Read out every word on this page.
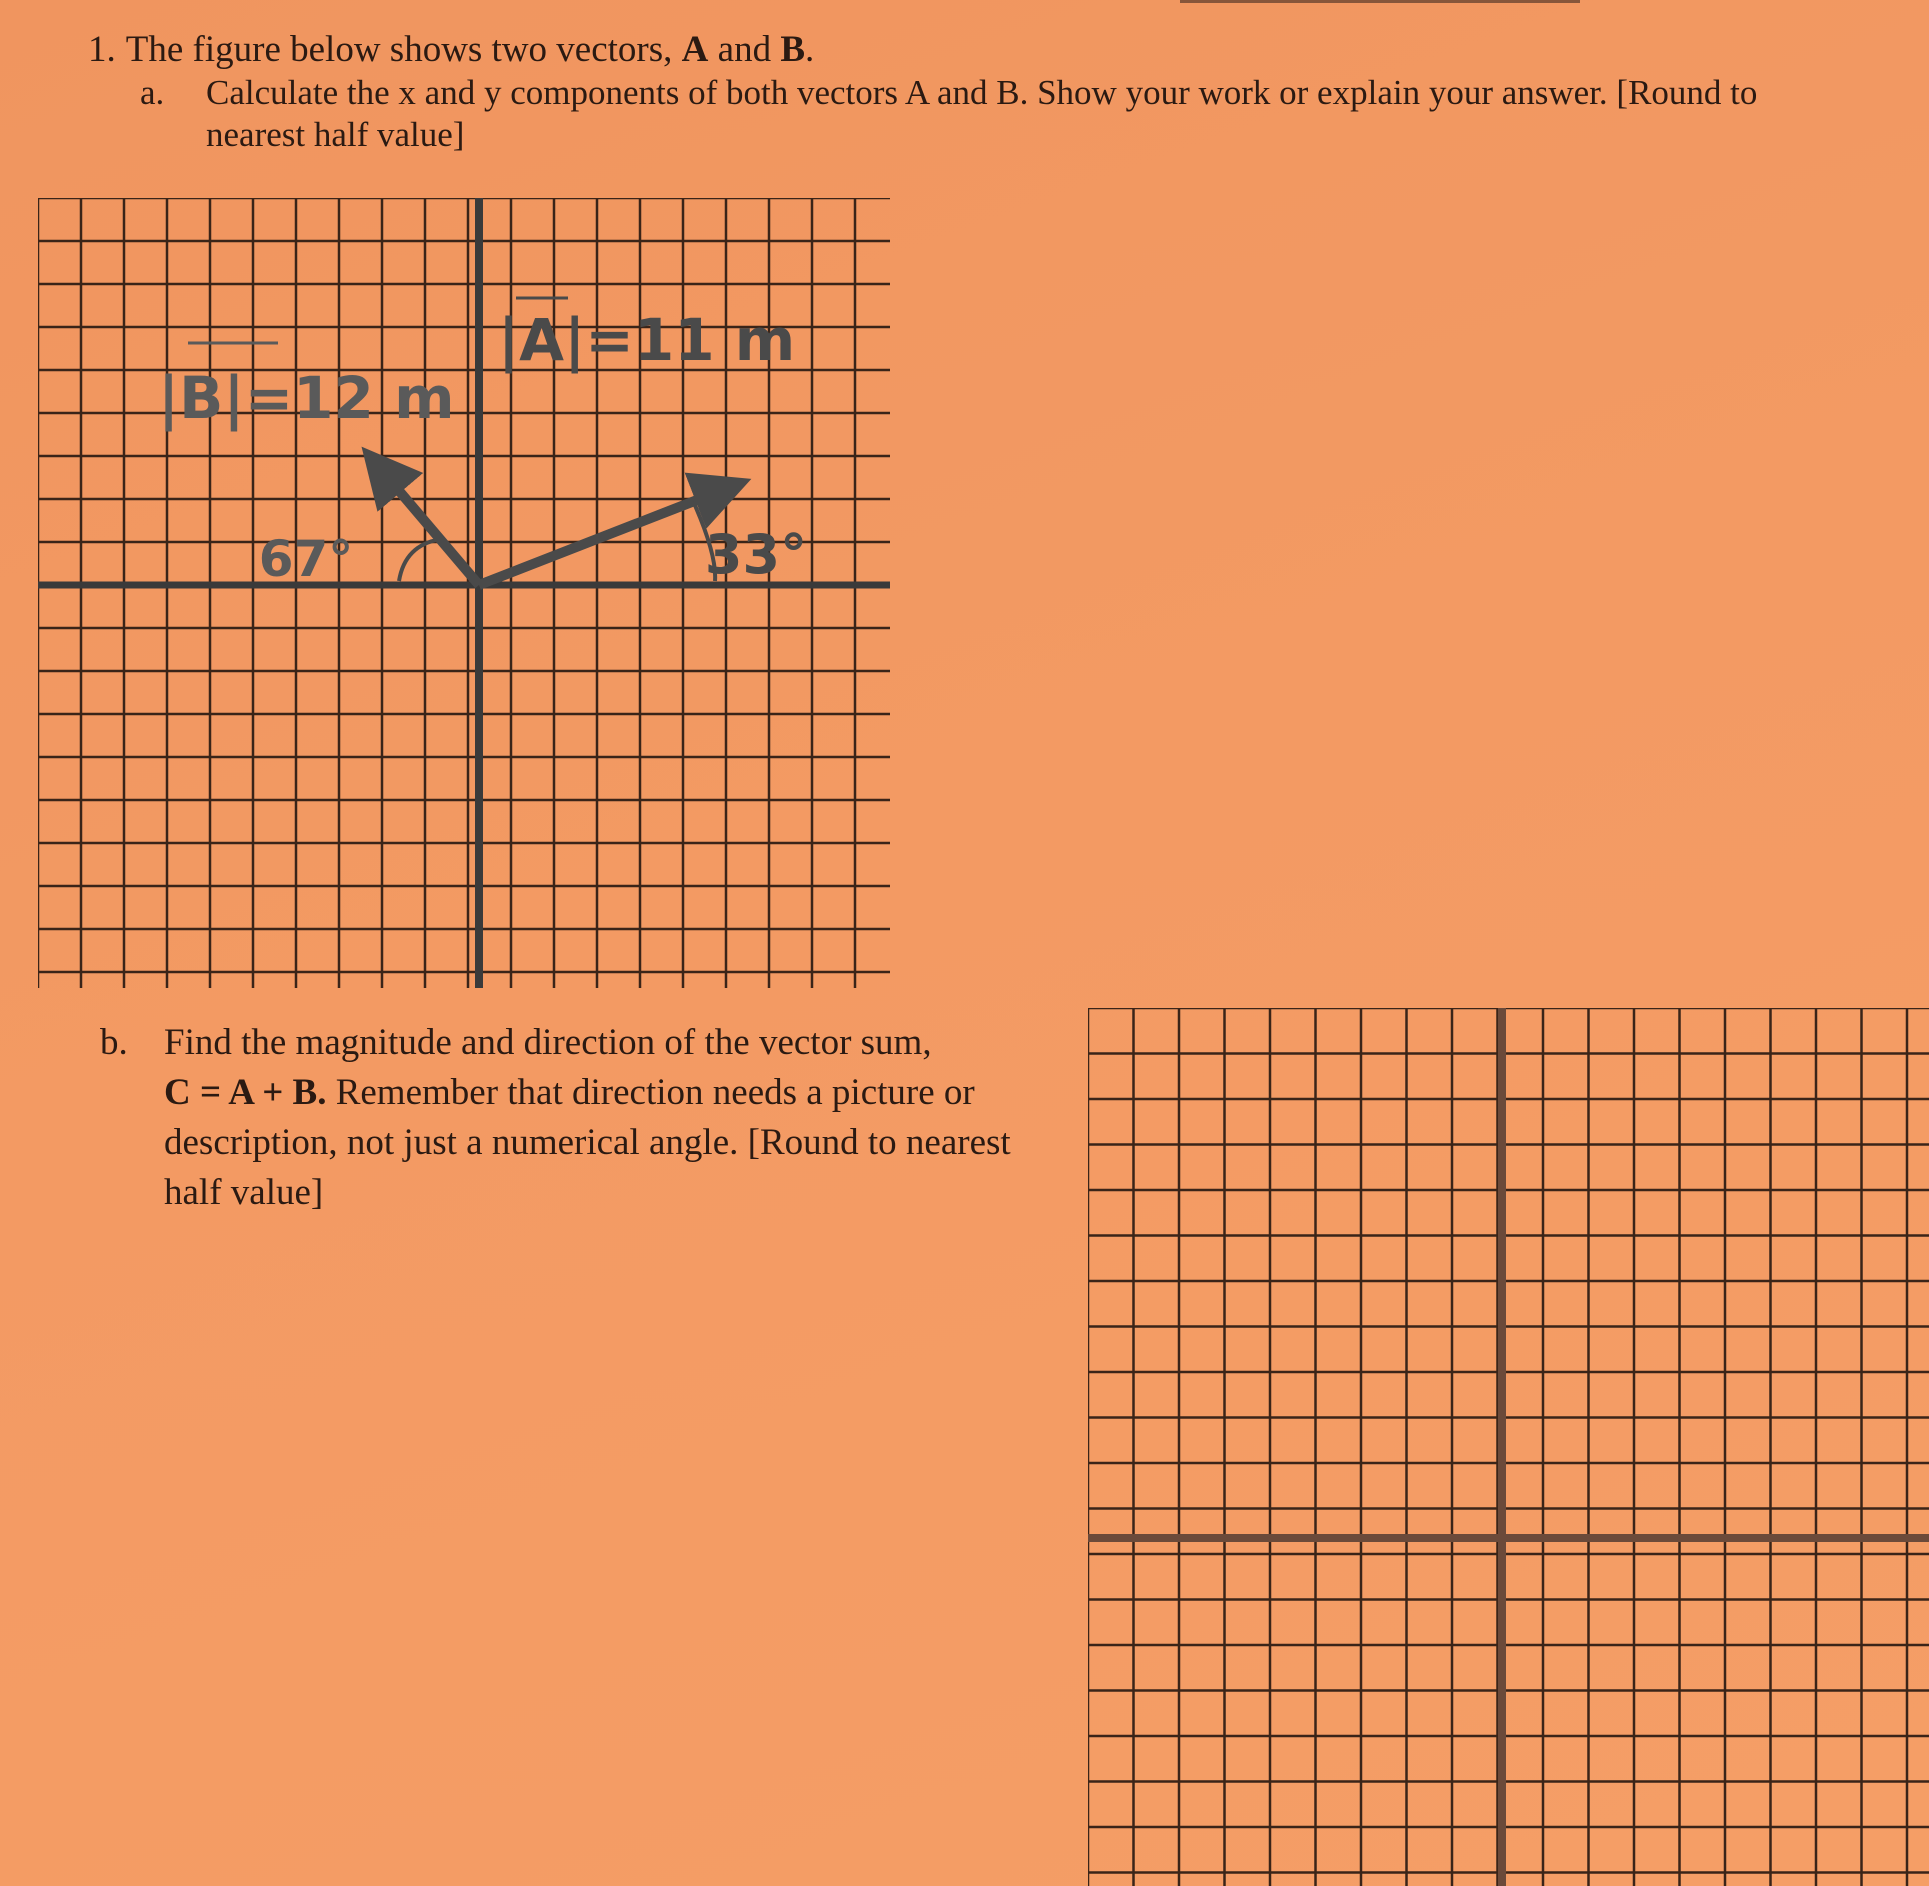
1. The figure below shows two vectors, A and B.

a. Calculate the x and y components of both vectors A and B. Show your work or explain your answer. [Round to nearest half value]
33°
67°
|A|=11 m
|B|=12 m
b. Find the magnitude and direction of the vector sum,
C = A + B. Remember that direction needs a picture or description, not just a numerical angle. [Round to nearest half value]
